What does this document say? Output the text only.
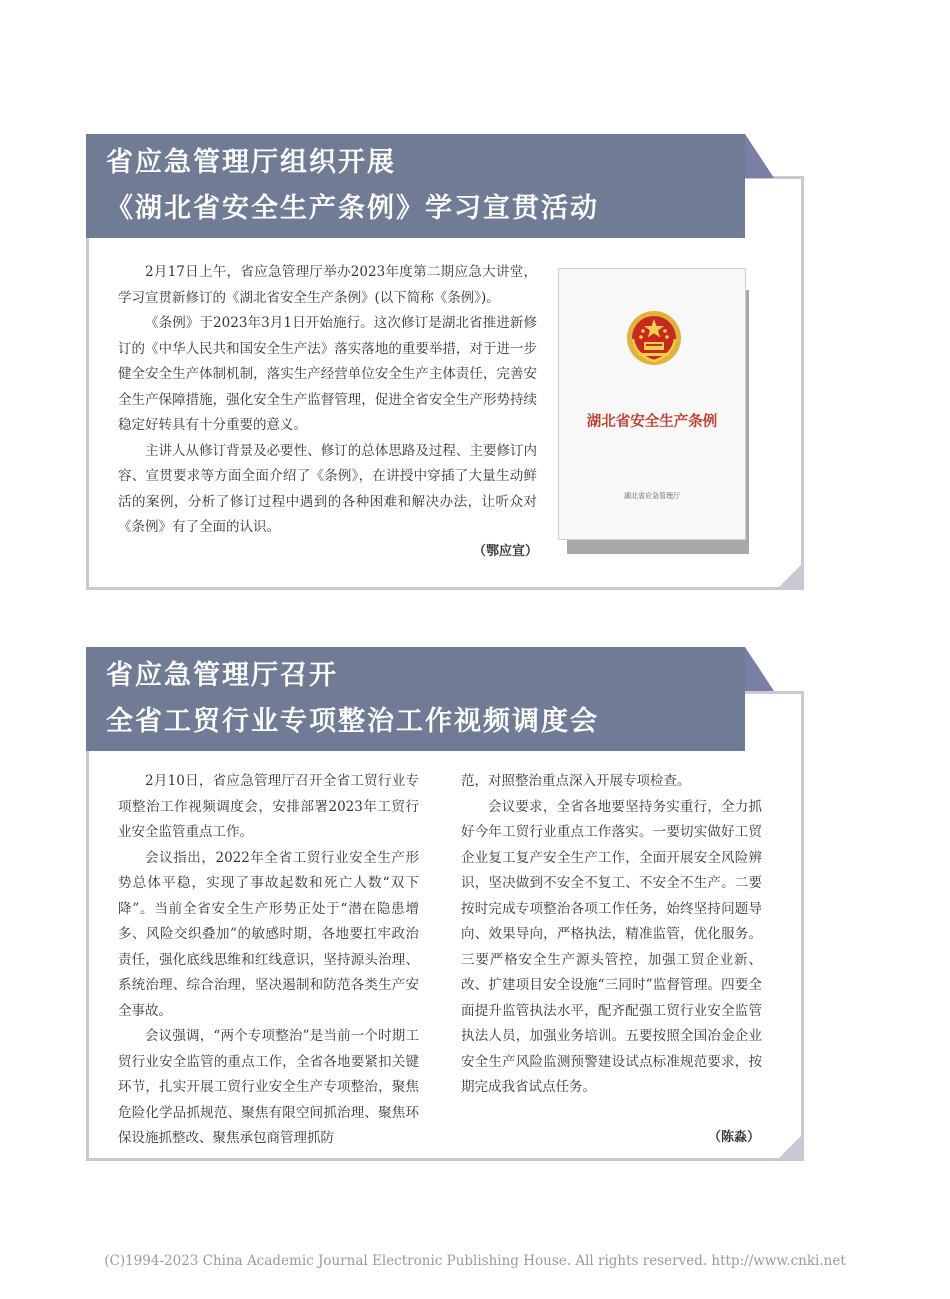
省应急管理厅组织开展
《湖北省安全生产条例》学习宣贯活动

2月17日上午，省应急管理厅举办2023年度第二期应急大讲堂，学习宣贯新修订的《湖北省安全生产条例》(以下简称《条例》)。

《条例》于2023年3月1日开始施行。这次修订是湖北省推进新修订的《中华人民共和国安全生产法》落实落地的重要举措，对于进一步健全安全生产体制机制，落实生产经营单位安全生产主体责任，完善安全生产保障措施，强化安全生产监督管理，促进全省安全生产形势持续稳定好转具有十分重要的意义。

主讲人从修订背景及必要性、修订的总体思路及过程、主要修订内容、宣贯要求等方面全面介绍了《条例》，在讲授中穿插了大量生动鲜活的案例，分析了修订过程中遇到的各种困难和解决办法，让听众对《条例》有了全面的认识。

（鄂应宣）
湖北省安全生产条例
湖北省应急管理厅
省应急管理厅召开
全省工贸行业专项整治工作视频调度会

2月10日，省应急管理厅召开全省工贸行业专项整治工作视频调度会，安排部署2023年工贸行业安全监管重点工作。

会议指出，2022年全省工贸行业安全生产形势总体平稳，实现了事故起数和死亡人数“双下降”。当前全省安全生产形势正处于“潜在隐患增多、风险交织叠加”的敏感时期，各地要扛牢政治责任，强化底线思维和红线意识，坚持源头治理、系统治理、综合治理，坚决遏制和防范各类生产安全事故。

会议强调，“两个专项整治”是当前一个时期工贸行业安全监管的重点工作，全省各地要紧扣关键环节，扎实开展工贸行业安全生产专项整治，聚焦危险化学品抓规范、聚焦有限空间抓治理、聚焦环保设施抓整改、聚焦承包商管理抓防

范，对照整治重点深入开展专项检查。

会议要求，全省各地要坚持务实重行，全力抓好今年工贸行业重点工作落实。一要切实做好工贸企业复工复产安全生产工作，全面开展安全风险辨识，坚决做到不安全不复工、不安全不生产。二要按时完成专项整治各项工作任务，始终坚持问题导向、效果导向，严格执法，精准监管，优化服务。三要严格安全生产源头管控，加强工贸企业新、改、扩建项目安全设施“三同时”监督管理。四要全面提升监管执法水平，配齐配强工贸行业安全监管执法人员，加强业务培训。五要按照全国冶金企业安全生产风险监测预警建设试点标准规范要求，按期完成我省试点任务。

（陈淼）
(C)1994-2023 China Academic Journal Electronic Publishing House. All rights reserved. http://www.cnki.net
